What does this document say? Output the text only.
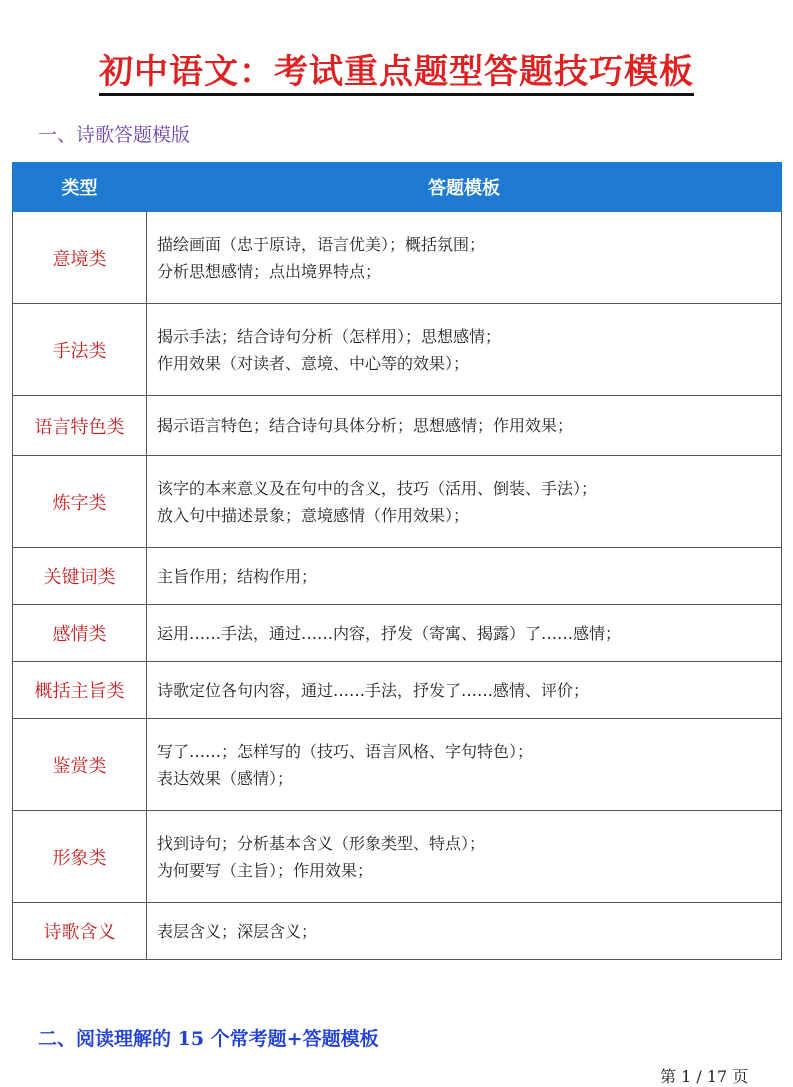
初中语文：考试重点题型答题技巧模板
一、诗歌答题模版
类型	答题模板
意境类	描绘画面（忠于原诗，语言优美）；概括氛围；
分析思想感情；点出境界特点；

手法类	揭示手法；结合诗句分析（怎样用）；思想感情；
作用效果（对读者、意境、中心等的效果）；

语言特色类	揭示语言特色；结合诗句具体分析；思想感情；作用效果；

炼字类	该字的本来意义及在句中的含义，技巧（活用、倒装、手法）；
放入句中描述景象；意境感情（作用效果）；

关键词类	主旨作用；结构作用；

感情类	运用……手法，通过……内容，抒发（寄寓、揭露）了……感情；

概括主旨类	诗歌定位各句内容，通过……手法，抒发了……感情、评价；

鉴赏类	写了……；怎样写的（技巧、语言风格、字句特色）；
表达效果（感情）；

形象类	找到诗句；分析基本含义（形象类型、特点）；
为何要写（主旨）；作用效果；

诗歌含义	表层含义；深层含义；
二、阅读理解的 15 个常考题+答题模板
第 1 / 17 页
